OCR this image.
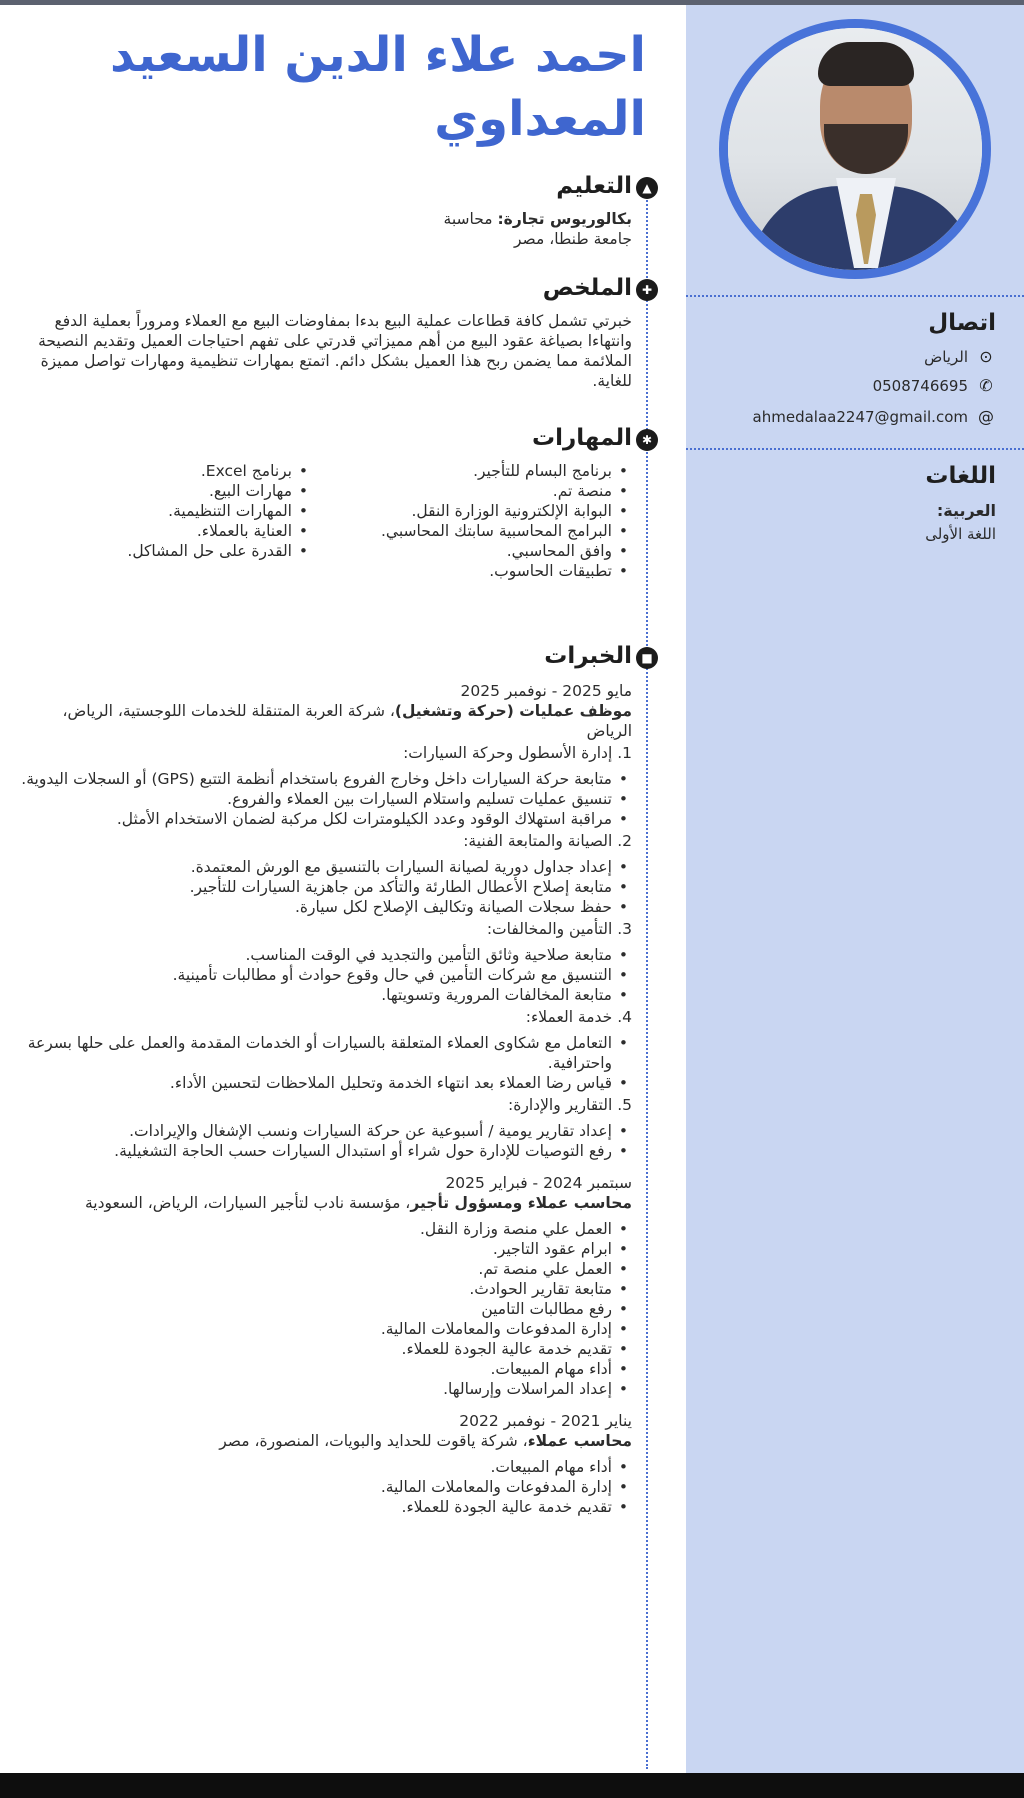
اتصال
⊙
الرياض
✆
0508746695
@
ahmedalaa2247@gmail.com
اللغات
العربية:
اللغة الأولى
احمد علاء الدين السعيد المعداوي
▲
التعليم
بكالوريوس تجارة: محاسبة
جامعة طنطا، مصر
✚
الملخص
خبرتي تشمل كافة قطاعات عملية البيع بدءا بمفاوضات البيع مع العملاء ومروراً بعملية الدفع وانتهاءا بصياغة عقود البيع من أهم مميزاتي قدرتي على تفهم احتياجات العميل وتقديم النصيحة الملائمة مما يضمن ربح هذا العميل بشكل دائم. اتمتع بمهارات تنظيمية ومهارات تواصل مميزة للغاية.
✱
المهارات
• برنامج البسام للتأجير.
• منصة تم.
• البوابة الإلكترونية الوزارة النقل.
• البرامج المحاسبية سابتك المحاسبي.
• وافق المحاسبي.
• تطبيقات الحاسوب.
• برنامج Excel.
• مهارات البيع.
• المهارات التنظيمية.
• العناية بالعملاء.
• القدرة على حل المشاكل.
■
الخبرات
مايو 2025 - نوفمبر 2025
موظف عمليات (حركة وتشغيل)، شركة العربة المتنقلة للخدمات اللوجستية، الرياض، الرياض
1. إدارة الأسطول وحركة السيارات:
• متابعة حركة السيارات داخل وخارج الفروع باستخدام أنظمة التتبع (GPS) أو السجلات اليدوية.
• تنسيق عمليات تسليم واستلام السيارات بين العملاء والفروع.
• مراقبة استهلاك الوقود وعدد الكيلومترات لكل مركبة لضمان الاستخدام الأمثل.
2. الصيانة والمتابعة الفنية:
• إعداد جداول دورية لصيانة السيارات بالتنسيق مع الورش المعتمدة.
• متابعة إصلاح الأعطال الطارئة والتأكد من جاهزية السيارات للتأجير.
• حفظ سجلات الصيانة وتكاليف الإصلاح لكل سيارة.
3. التأمين والمخالفات:
• متابعة صلاحية وثائق التأمين والتجديد في الوقت المناسب.
• التنسيق مع شركات التأمين في حال وقوع حوادث أو مطالبات تأمينية.
• متابعة المخالفات المرورية وتسويتها.
4. خدمة العملاء:
• التعامل مع شكاوى العملاء المتعلقة بالسيارات أو الخدمات المقدمة والعمل على حلها بسرعة واحترافية.
• قياس رضا العملاء بعد انتهاء الخدمة وتحليل الملاحظات لتحسين الأداء.
5. التقارير والإدارة:
• إعداد تقارير يومية / أسبوعية عن حركة السيارات ونسب الإشغال والإيرادات.
• رفع التوصيات للإدارة حول شراء أو استبدال السيارات حسب الحاجة التشغيلية.
سبتمبر 2024 - فبراير 2025
محاسب عملاء ومسؤول تأجير، مؤسسة نادب لتأجير السيارات، الرياض، السعودية
• العمل علي منصة وزارة النقل.
• ابرام عقود التاجير.
• العمل علي منصة تم.
• متابعة تقارير الحوادث.
• رفع مطالبات التامين
• إدارة المدفوعات والمعاملات المالية.
• تقديم خدمة عالية الجودة للعملاء.
• أداء مهام المبيعات.
• إعداد المراسلات وإرسالها.
يناير 2021 - نوفمبر 2022
محاسب عملاء، شركة ياقوت للحدايد والبويات، المنصورة، مصر
• أداء مهام المبيعات.
• إدارة المدفوعات والمعاملات المالية.
• تقديم خدمة عالية الجودة للعملاء.
